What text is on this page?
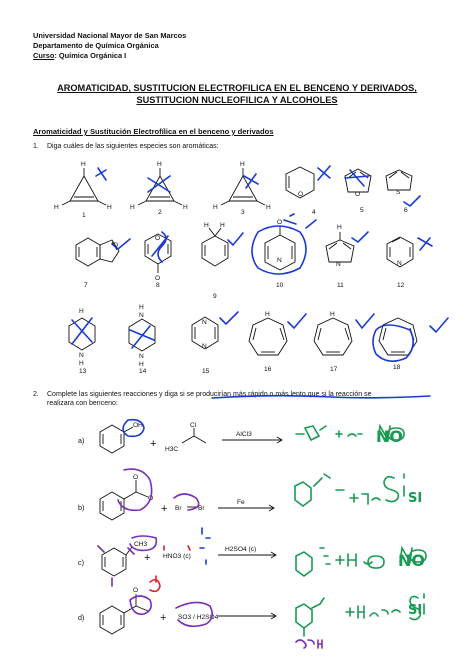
Universidad Nacional Mayor de San Marcos
Departamento de Química Orgánica
Curso: Química Orgánica I
AROMATICIDAD, SUSTITUCION ELECTROFILICA EN EL BENCENO Y DERIVADOS,
SUSTITUCION NUCLEOFILICA Y ALCOHOLES
Aromaticidad y Sustitución Electrofílica en el benceno y derivados
1. Diga cuáles de las siguientes especies son aromáticas:
2. Complete las siguientes reacciones y diga si se producirían más rápido o más lento que si la reacción se
realizara con benceno:
1	2	3	4	5	6
7	8
9
10	11	12
13	14	15	16	17	18
H
H	H
H
H	H
H
H	H
O	O	S
O
O
O
H H	O
N
H
N	N
H
N
H
H
N
N
H
N
N
H	H
a)
b)
c)
d)
O H
+ H3C
Cl
AlCl3
O
O
+ Br Br
Fe
CH3
+ HNO3 (c)
H2SO4 (c)
O
+ SO3 / H2SO4
NO
SI
NO
SI
